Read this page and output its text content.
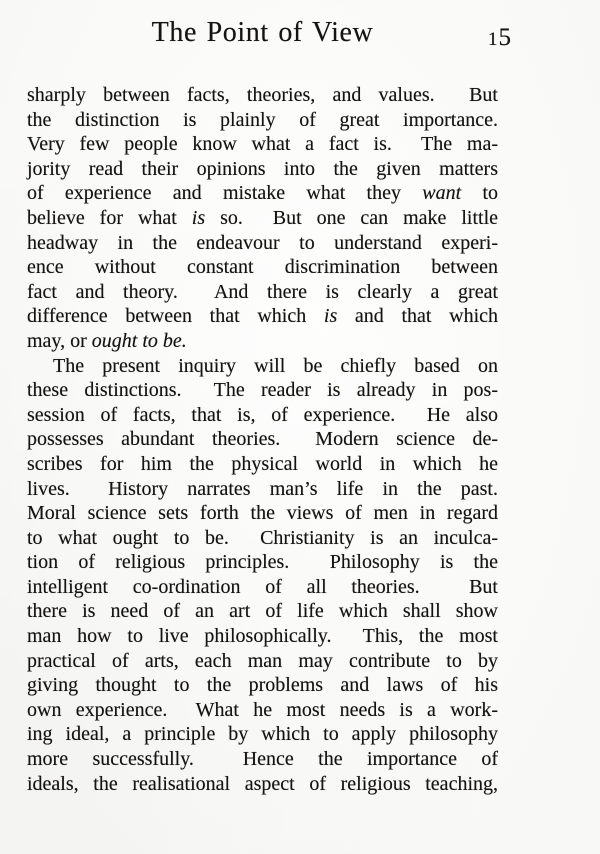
The Point of View	15
sharply between facts, theories, and values.  But
the distinction is plainly of great importance.
Very few people know what a fact is.  The ma-
jority read their opinions into the given matters
of experience and mistake what they want to
believe for what is so.  But one can make little
headway in the endeavour to understand experi-
ence without constant discrimination between
fact and theory.  And there is clearly a great
difference between that which is and that which
may, or ought to be.
The present inquiry will be chiefly based on
these distinctions.  The reader is already in pos-
session of facts, that is, of experience.  He also
possesses abundant theories.  Modern science de-
scribes for him the physical world in which he
lives.  History narrates man’s life in the past.
Moral science sets forth the views of men in regard
to what ought to be.  Christianity is an inculca-
tion of religious principles.  Philosophy is the
intelligent co-ordination of all theories.  But
there is need of an art of life which shall show
man how to live philosophically.  This, the most
practical of arts, each man may contribute to by
giving thought to the problems and laws of his
own experience.  What he most needs is a work-
ing ideal, a principle by which to apply philosophy
more successfully.  Hence the importance of
ideals, the realisational aspect of religious teaching,
